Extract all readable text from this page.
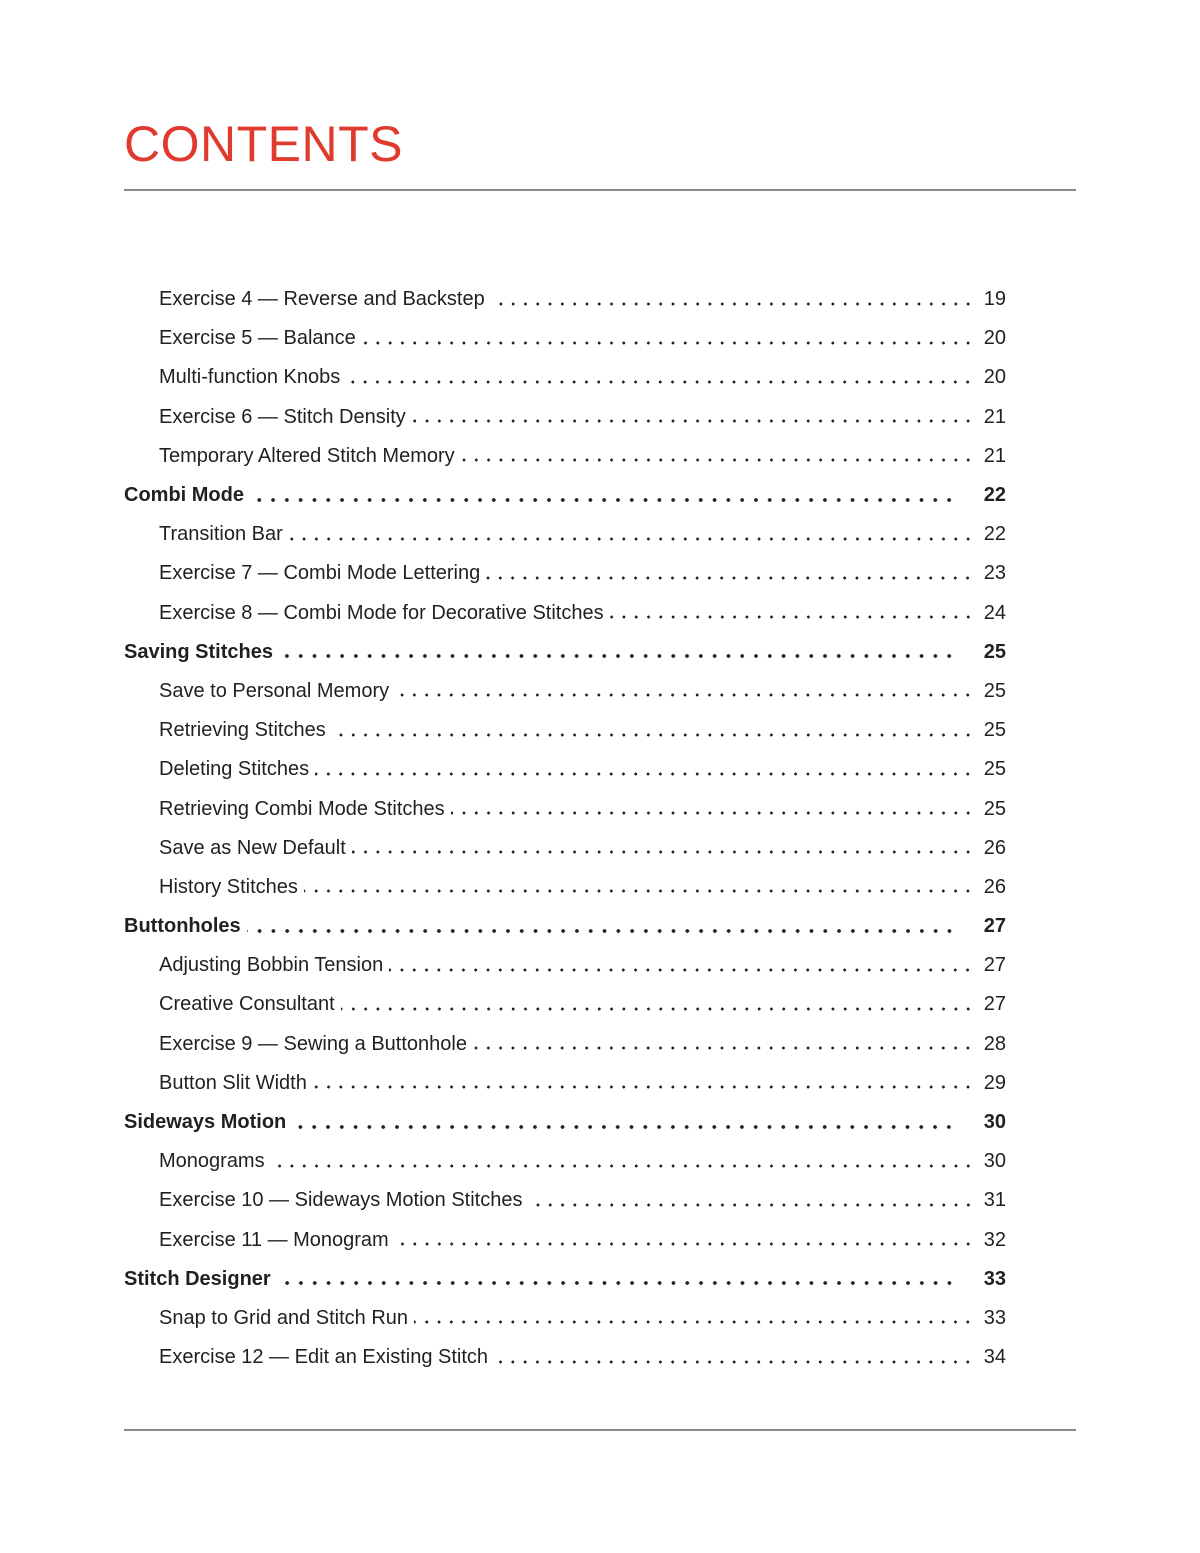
CONTENTS
Exercise 4 — Reverse and Backstep	19
Exercise 5 — Balance	20
Multi-function Knobs	20
Exercise 6 — Stitch Density	21
Temporary Altered Stitch Memory	21
Combi Mode	22
Transition Bar	22
Exercise 7 — Combi Mode Lettering	23
Exercise 8 — Combi Mode for Decorative Stitches	24
Saving Stitches	25
Save to Personal Memory	25
Retrieving Stitches	25
Deleting Stitches	25
Retrieving Combi Mode Stitches	25
Save as New Default	26
History Stitches	26
Buttonholes	27
Adjusting Bobbin Tension	27
Creative Consultant	27
Exercise 9 — Sewing a Buttonhole	28
Button Slit Width	29
Sideways Motion	30
Monograms	30
Exercise 10 — Sideways Motion Stitches	31
Exercise 11 — Monogram	32
Stitch Designer	33
Snap to Grid and Stitch Run	33
Exercise 12 — Edit an Existing Stitch	34
